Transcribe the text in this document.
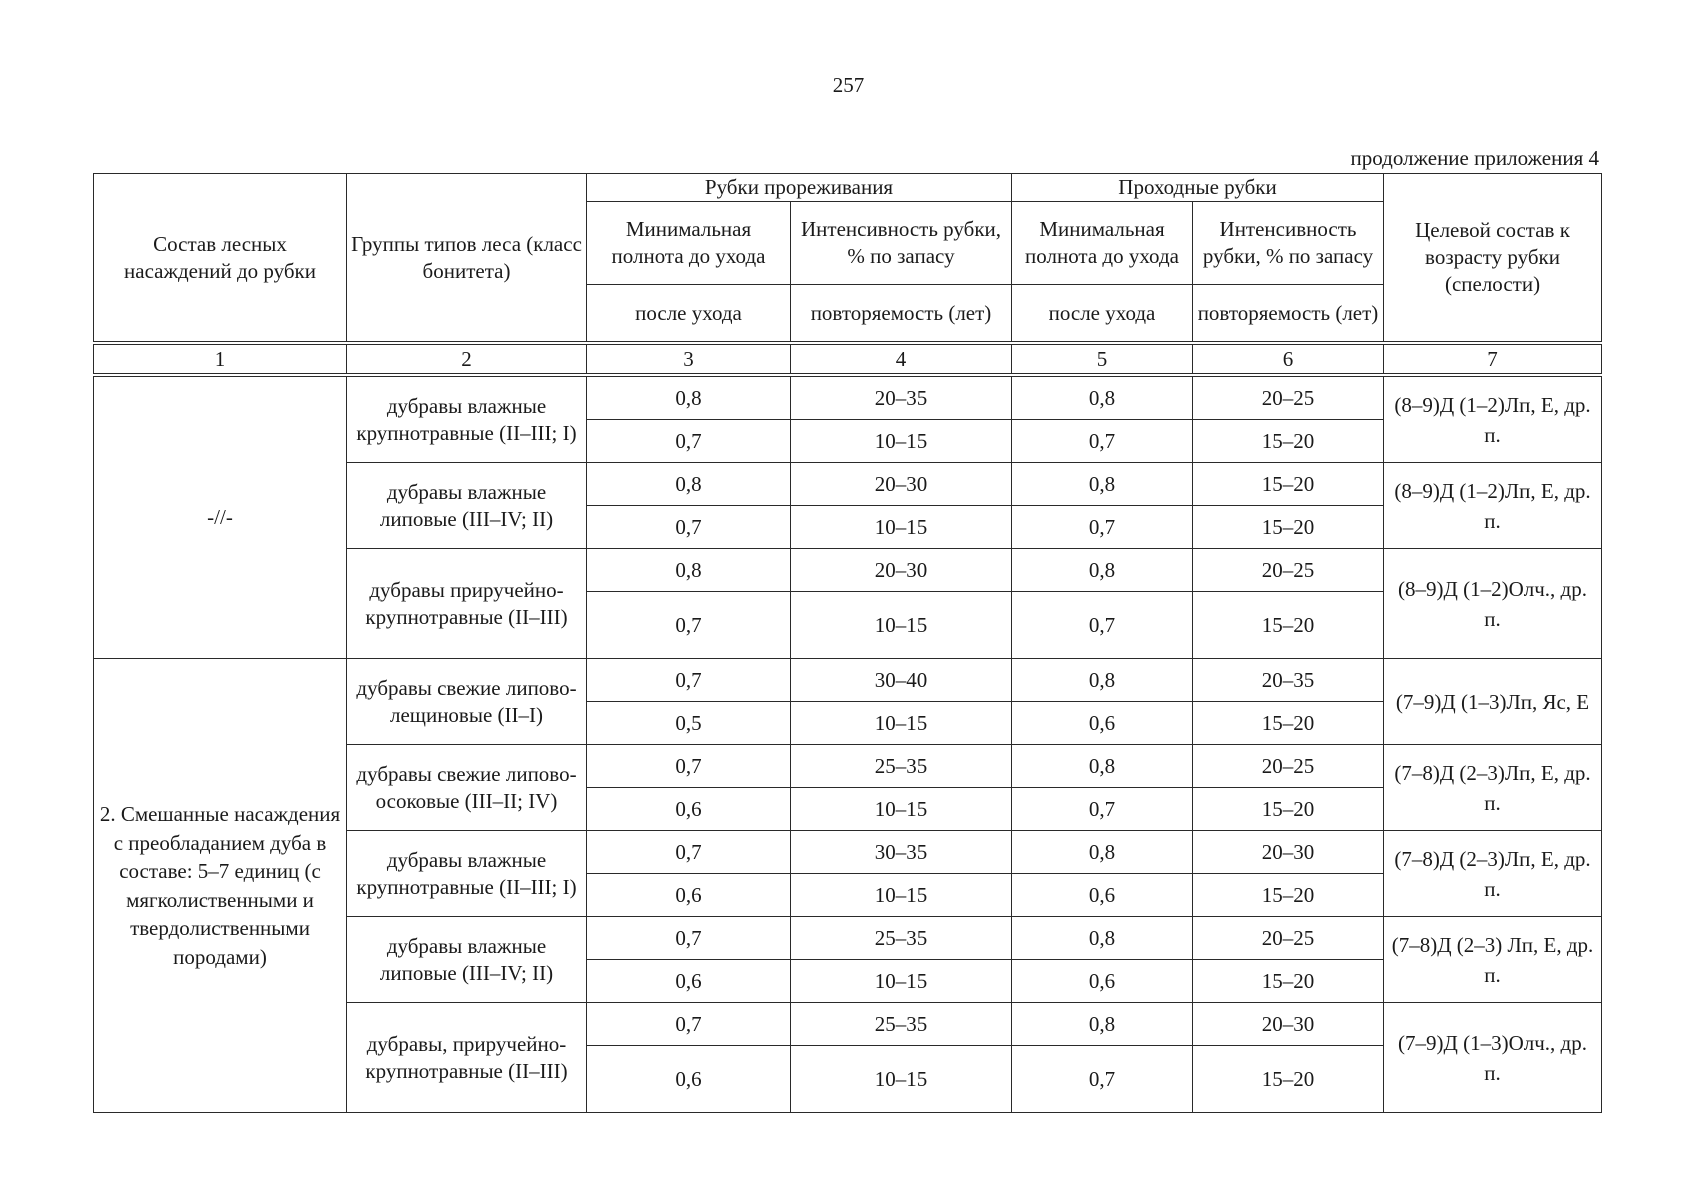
257
продолжение приложения 4
Состав лесных насаждений до рубки	Группы типов леса (класс бонитета)	Рубки прореживания		Проходные рубки		Целевой состав к возрасту рубки (спелости)
		Минимальная полнота до ухода	Интенсивность рубки, % по запасу	Минимальная полнота до ухода	Интенсивность рубки, % по запасу	
		после ухода	повторяемость (лет)	после ухода	повторяемость (лет)	
1	2	3	4	5	6	7
-//-	дубравы влажные крупнотравные (II–III; I)	0,8	20–35	0,8	20–25	(8–9)Д (1–2)Лп, Е, др. п.
		0,7	10–15	0,7	15–20	
	дубравы влажные липовые (III–IV; II)	0,8	20–30	0,8	15–20	(8–9)Д (1–2)Лп, Е, др. п.
		0,7	10–15	0,7	15–20	
	дубравы приручейно-крупнотравные (II–III)	0,8	20–30	0,8	20–25	(8–9)Д (1–2)Олч., др. п.
		0,7	10–15	0,7	15–20	
2. Смешанные насаждения с преобладанием дуба в составе: 5–7 единиц (с мягколиственными и твердолиственными породами)	дубравы свежие липово-лещиновые (II–I)	0,7	30–40	0,8	20–35	(7–9)Д (1–3)Лп, Яс, Е
		0,5	10–15	0,6	15–20	
	дубравы свежие липово-осоковые (III–II; IV)	0,7	25–35	0,8	20–25	(7–8)Д (2–3)Лп, Е, др. п.
		0,6	10–15	0,7	15–20	
	дубравы влажные крупнотравные (II–III; I)	0,7	30–35	0,8	20–30	(7–8)Д (2–3)Лп, Е, др. п.
		0,6	10–15	0,6	15–20	
	дубравы влажные липовые (III–IV; II)	0,7	25–35	0,8	20–25	(7–8)Д (2–3) Лп, Е, др. п.
		0,6	10–15	0,6	15–20	
	дубравы, приручейно-крупнотравные (II–III)	0,7	25–35	0,8	20–30	(7–9)Д (1–3)Олч., др. п.
		0,6	10–15	0,7	15–20	
